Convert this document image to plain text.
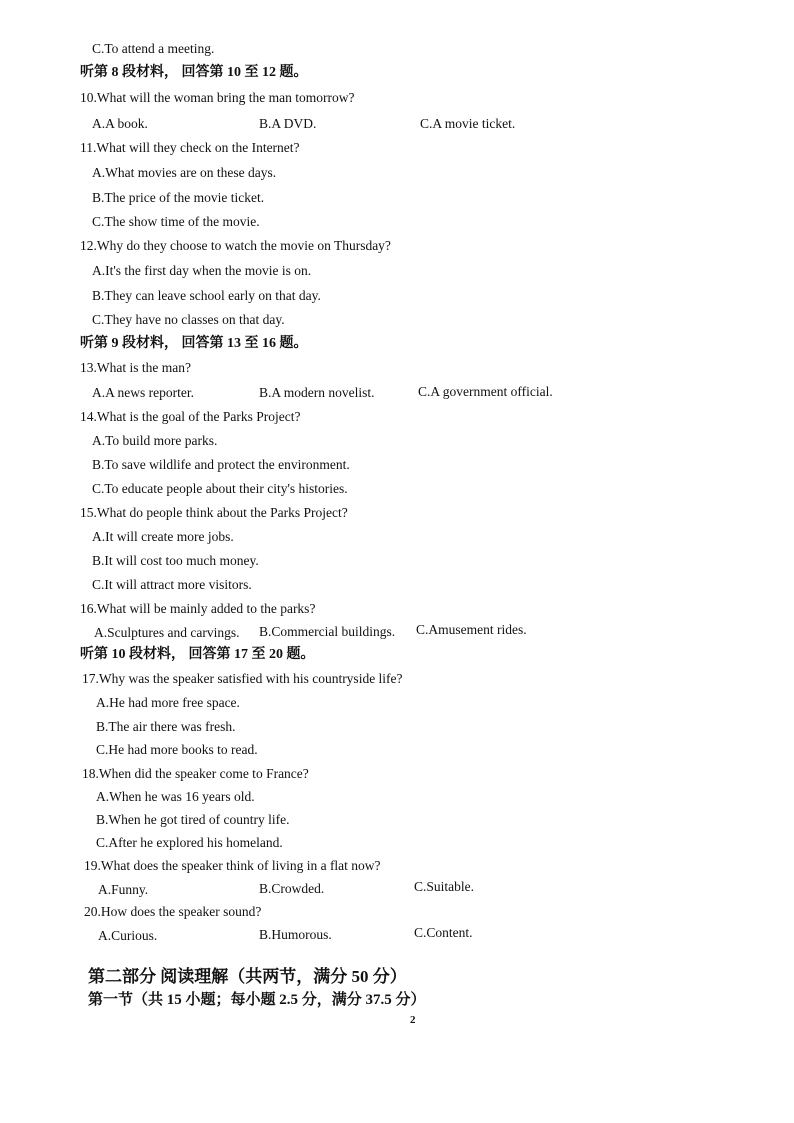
C.To attend a meeting.
听第 8 段材料， 回答第 10 至 12 题。
10.What will the woman bring the man tomorrow?
A.A book.	B.A DVD.	C.A movie ticket.
11.What will they check on the Internet?
A.What movies are on these days.
B.The price of the movie ticket.
C.The show time of the movie.
12.Why do they choose to watch the movie on Thursday?
A.It's the first day when the movie is on.
B.They can leave school early on that day.
C.They have no classes on that day.
听第 9 段材料， 回答第 13 至 16 题。
13.What is the man?
A.A news reporter.	B.A modern novelist.	C.A government official.
14.What is the goal of the Parks Project?
A.To build more parks.
B.To save wildlife and protect the environment.
C.To educate people about their city's histories.
15.What do people think about the Parks Project?
A.It will create more jobs.
B.It will cost too much money.
C.It will attract more visitors.
16.What will be mainly added to the parks?
A.Sculptures and carvings. B.Commercial buildings. C.Amusement rides.
听第 10 段材料， 回答第 17 至 20 题。
17.Why was the speaker satisfied with his countryside life?
A.He had more free space.
B.The air there was fresh.
C.He had more books to read.
18.When did the speaker come to France?
A.When he was 16 years old.
B.When he got tired of country life.
C.After he explored his homeland.
19.What does the speaker think of living in a flat now?
A.Funny.	B.Crowded.	C.Suitable.
20.How does the speaker sound?
A.Curious.	B.Humorous.	C.Content.
第二部分 阅读理解（共两节，满分 50 分）
第一节（共 15 小题；每小题 2.5 分，满分 37.5 分）
2
